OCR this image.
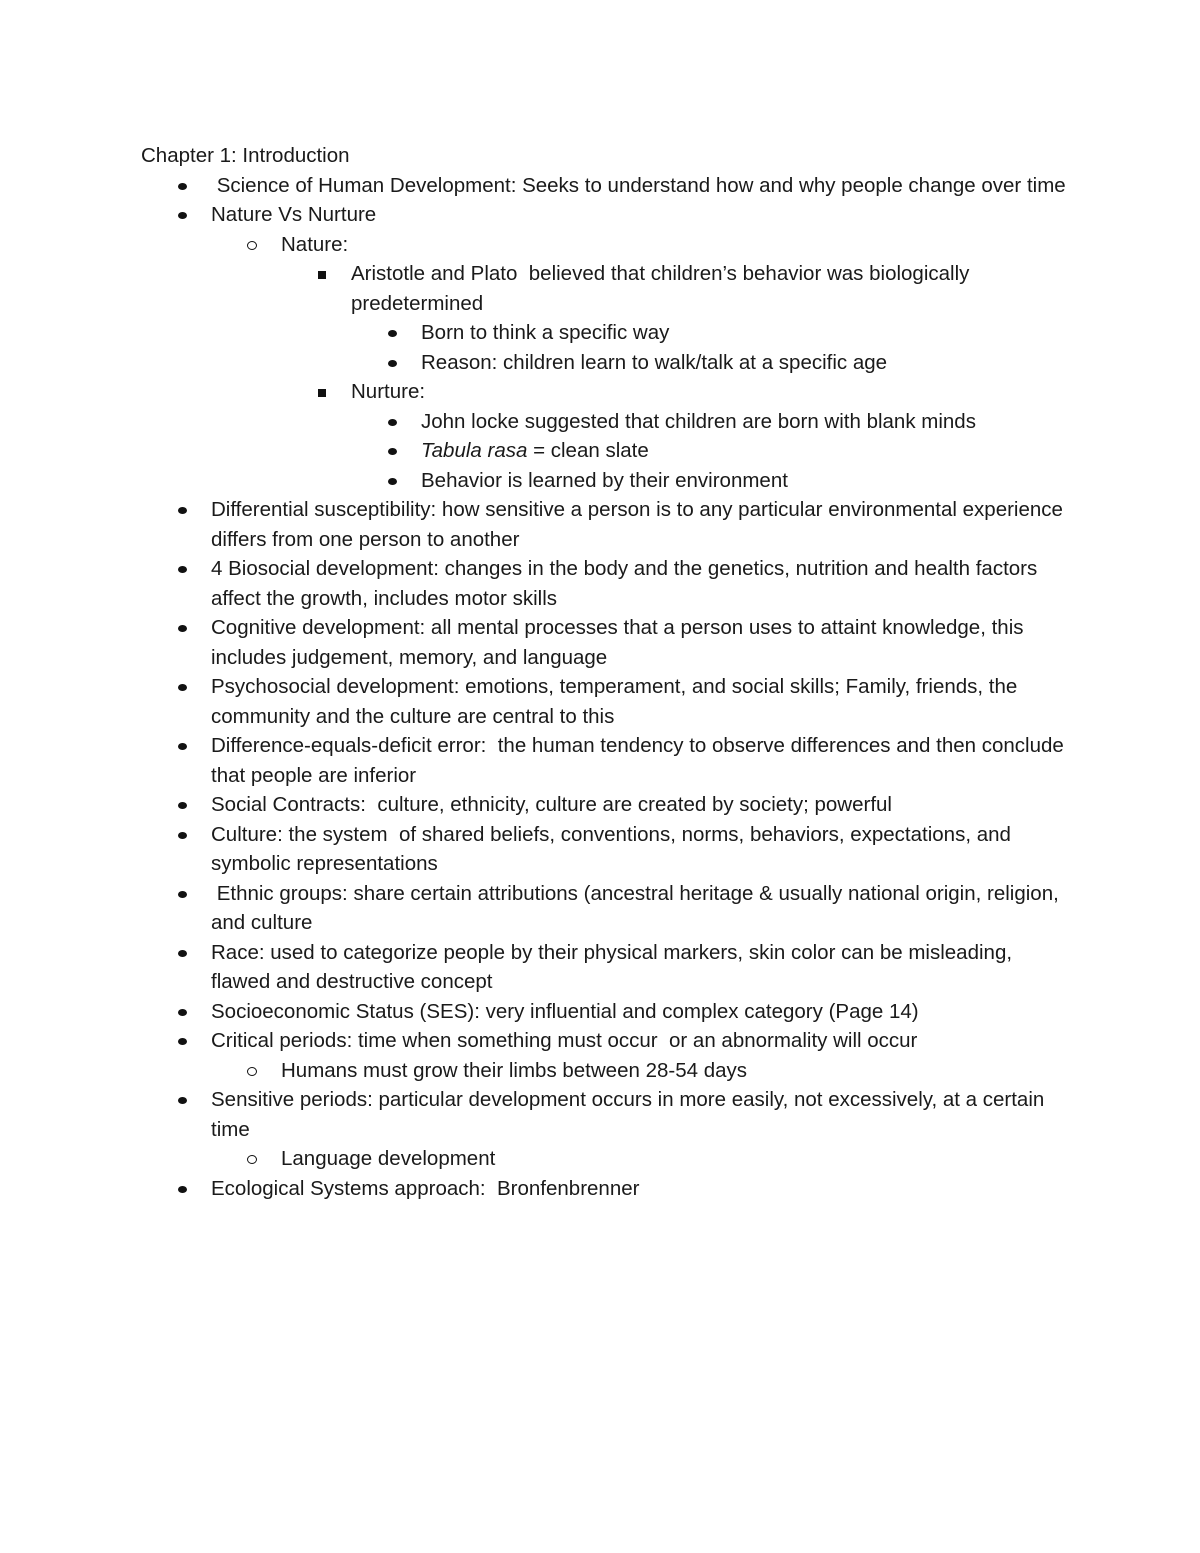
Chapter 1: Introduction
Science of Human Development: Seeks to understand how and why people change over time
Nature Vs Nurture
Nature:
Aristotle and Plato  believed that children’s behavior was biologically predetermined
Born to think a specific way
Reason: children learn to walk/talk at a specific age
Nurture:
John locke suggested that children are born with blank minds
Tabula rasa = clean slate
Behavior is learned by their environment
Differential susceptibility: how sensitive a person is to any particular environmental experience differs from one person to another
4 Biosocial development: changes in the body and the genetics, nutrition and health factors affect the growth, includes motor skills
Cognitive development: all mental processes that a person uses to attaint knowledge, this includes judgement, memory, and language
Psychosocial development: emotions, temperament, and social skills; Family, friends, the community and the culture are central to this
Difference-equals-deficit error:  the human tendency to observe differences and then conclude that people are inferior
Social Contracts:  culture, ethnicity, culture are created by society; powerful
Culture: the system  of shared beliefs, conventions, norms, behaviors, expectations, and symbolic representations
Ethnic groups: share certain attributions (ancestral heritage & usually national origin, religion, and culture
Race: used to categorize people by their physical markers, skin color can be misleading, flawed and destructive concept
Socioeconomic Status (SES): very influential and complex category (Page 14)
Critical periods: time when something must occur  or an abnormality will occur
Humans must grow their limbs between 28-54 days
Sensitive periods: particular development occurs in more easily, not excessively, at a certain time
Language development
Ecological Systems approach:  Bronfenbrenner
